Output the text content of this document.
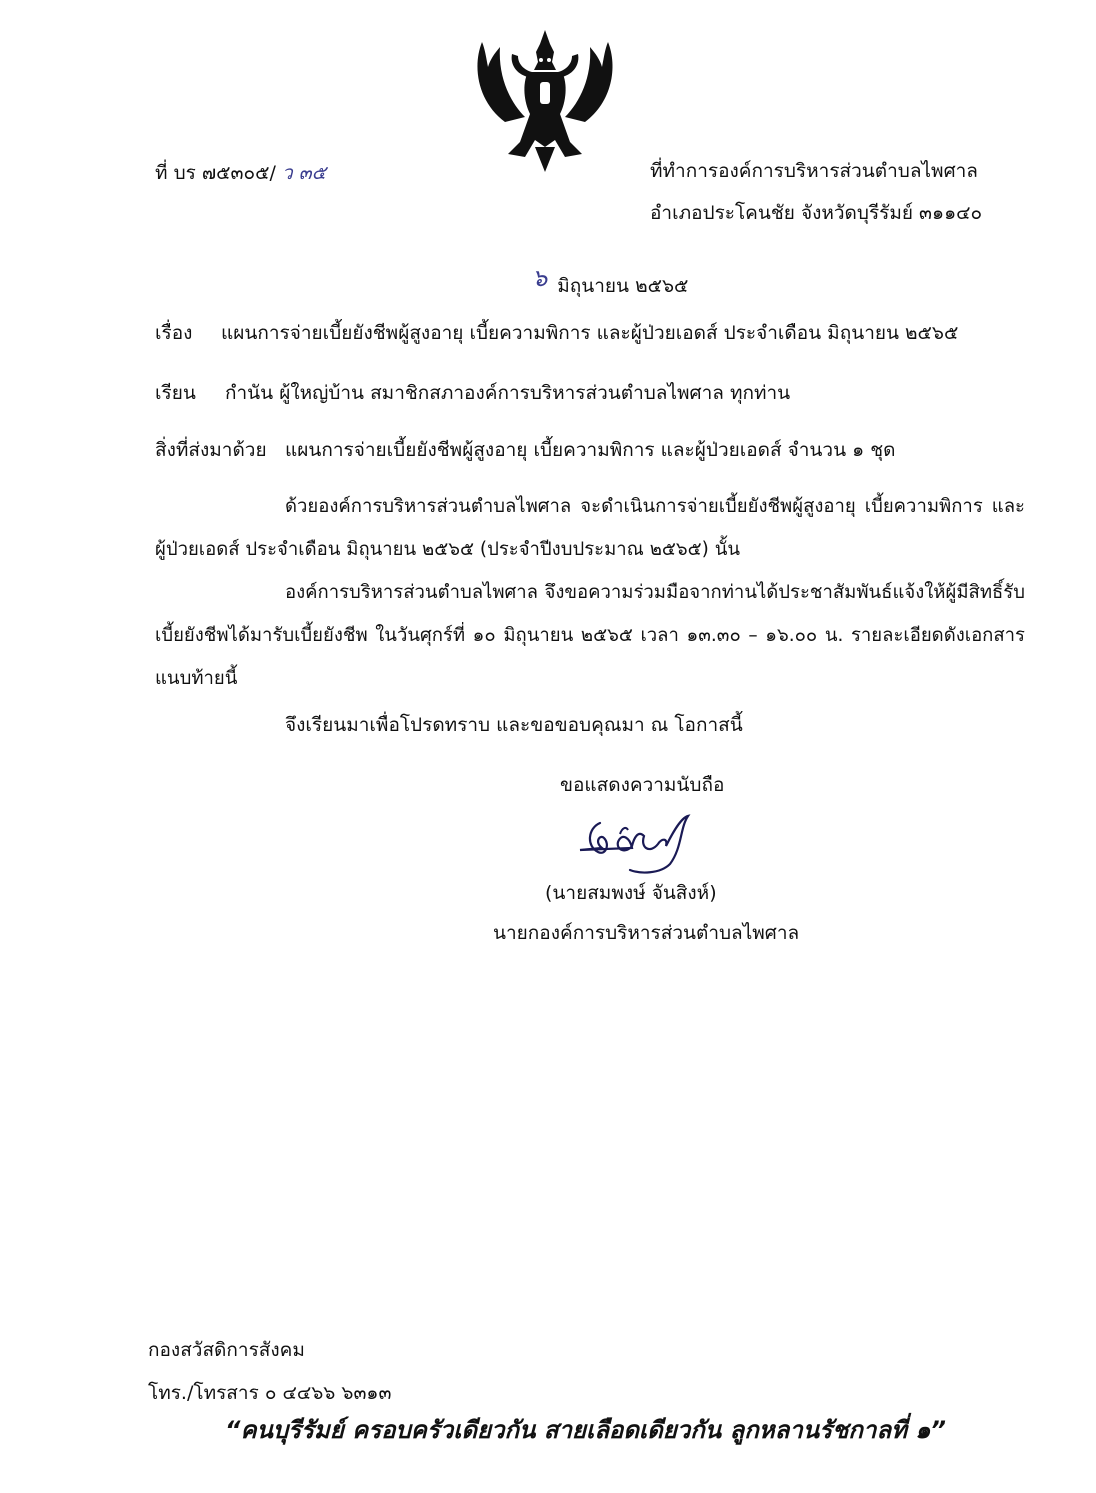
ที่ บร ๗๕๓๐๕/ ว ๓๕	ที่ทำการองค์การบริหารส่วนตำบลไพศาล
อำเภอประโคนชัย จังหวัดบุรีรัมย์ ๓๑๑๔๐
๖ มิถุนายน ๒๕๖๕
เรื่อง แผนการจ่ายเบี้ยยังชีพผู้สูงอายุ เบี้ยความพิการ และผู้ป่วยเอดส์ ประจำเดือน มิถุนายน ๒๕๖๕
เรียน กำนัน ผู้ใหญ่บ้าน สมาชิกสภาองค์การบริหารส่วนตำบลไพศาล ทุกท่าน
สิ่งที่ส่งมาด้วย แผนการจ่ายเบี้ยยังชีพผู้สูงอายุ เบี้ยความพิการ และผู้ป่วยเอดส์ จำนวน ๑ ชุด
ด้วยองค์การบริหารส่วนตำบลไพศาล จะดำเนินการจ่ายเบี้ยยังชีพผู้สูงอายุ เบี้ยความพิการ และผู้ป่วยเอดส์ ประจำเดือน มิถุนายน ๒๕๖๕ (ประจำปีงบประมาณ ๒๕๖๕) นั้น
องค์การบริหารส่วนตำบลไพศาล จึงขอความร่วมมือจากท่านได้ประชาสัมพันธ์แจ้งให้ผู้มีสิทธิ์รับเบี้ยยังชีพได้มารับเบี้ยยังชีพ ในวันศุกร์ที่ ๑๐ มิถุนายน ๒๕๖๕ เวลา ๑๓.๓๐ – ๑๖.๐๐ น. รายละเอียดดังเอกสารแนบท้ายนี้
จึงเรียนมาเพื่อโปรดทราบ และขอขอบคุณมา ณ โอกาสนี้
ขอแสดงความนับถือ
(นายสมพงษ์ จันสิงห์)
นายกองค์การบริหารส่วนตำบลไพศาล
กองสวัสดิการสังคม
โทร./โทรสาร ๐ ๔๔๖๖ ๖๓๑๓
“คนบุรีรัมย์ ครอบครัวเดียวกัน สายเลือดเดียวกัน ลูกหลานรัชกาลที่ ๑”
